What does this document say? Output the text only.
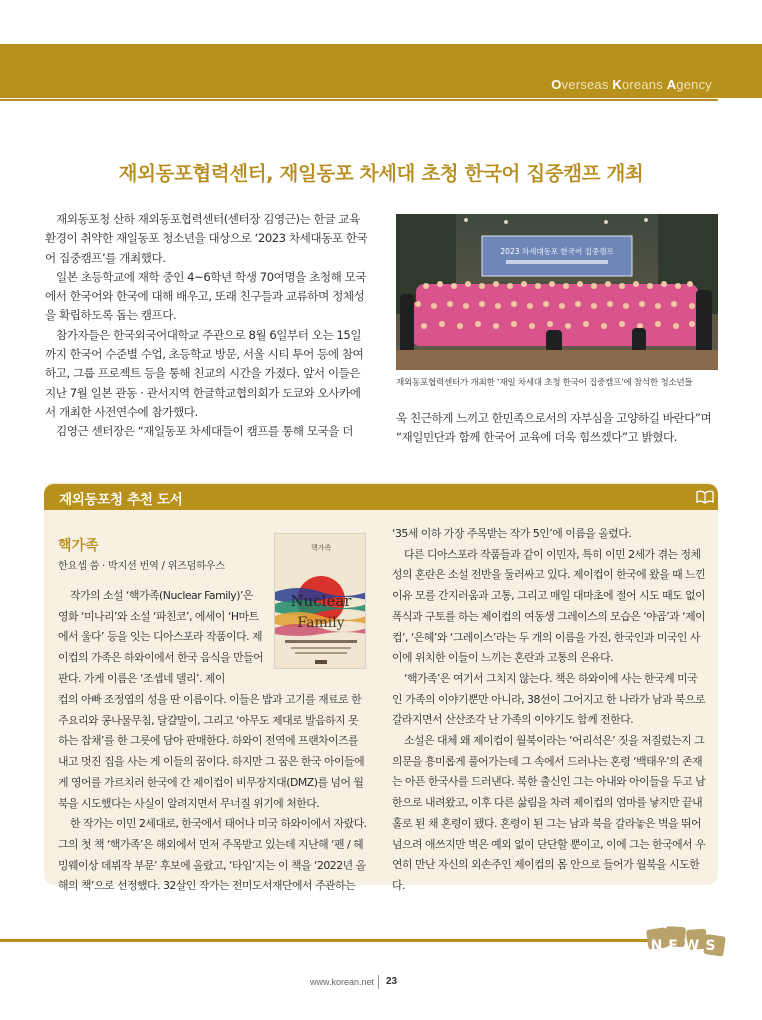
Overseas Koreans Agency
재외동포협력센터, 재일동포 차세대 초청 한국어 집중캠프 개최

재외동포청 산하 재외동포협력센터(센터장 김영근)는 한글 교육 환경이 취약한 재일동포 청소년을 대상으로 ‘2023 차세대동포 한국어 집중캠프’를 개최했다.

일본 초등학교에 재학 중인 4~6학년 학생 70여명을 초청해 모국에서 한국어와 한국에 대해 배우고, 또래 친구들과 교류하며 정체성을 확립하도록 돕는 캠프다.

참가자들은 한국외국어대학교 주관으로 8월 6일부터 오는 15일까지 한국어 수준별 수업, 초등학교 방문, 서울 시티 투어 등에 참여하고, 그룹 프로젝트 등을 통해 친교의 시간을 가졌다. 앞서 이들은 지난 7월 일본 관동 · 관서지역 한글학교협의회가 도쿄와 오사카에서 개최한 사전연수에 참가했다.

김영근 센터장은 “재일동포 차세대들이 캠프를 통해 모국을 더

2023 차세대동포 한국어 집중캠프
재외동포협력센터가 개최한 ‘재일 차세대 초청 한국어 집중캠프’에 참석한 청소년들

욱 친근하게 느끼고 한민족으로서의 자부심을 고양하길 바란다”며 “재일민단과 함께 한국어 교육에 더욱 힘쓰겠다”고 밝혔다.

재외동포청 추천 도서
핵가족
한요셉 씀 · 박지선 번역 / 위즈덤하우스
핵가족
Nuclear
Family

작가의 소설 ‘핵가족(Nuclear Family)’은 영화 ‘미나리’와 소설 ‘파친코’, 에세이 ‘H마트에서 울다’ 등을 잇는 디아스포라 작품이다. 제이컵의 가족은 하와이에서 한국 음식을 만들어 판다. 가게 이름은 ‘조셉네 델리’. 제이

컵의 아빠 조정엽의 성을 딴 이름이다. 이들은 밥과 고기를 재료로 한 주요리와 콩나물무침, 달걀말이, 그리고 ‘아무도 제대로 발음하지 못하는 잡채’를 한 그릇에 담아 판매한다. 하와이 전역에 프랜차이즈를 내고 멋진 집을 사는 게 이들의 꿈이다. 하지만 그 꿈은 한국 아이들에게 영어를 가르치러 한국에 간 제이컵이 비무장지대(DMZ)를 넘어 월북을 시도했다는 사실이 알려지면서 무너질 위기에 처한다.

한 작가는 이민 2세대로, 한국에서 태어나 미국 하와이에서 자랐다. 그의 첫 책 ‘핵가족’은 해외에서 먼저 주목받고 있는데 지난해 ‘펜 / 헤밍웨이상 데뷔작 부문’ 후보에 올랐고, ‘타임’지는 이 책을 ‘2022년 올해의 책’으로 선정했다. 32살인 작가는 전미도서재단에서 주관하는

‘35세 이하 가장 주목받는 작가 5인’에 이름을 올렸다.

다른 디아스포라 작품들과 같이 이민자, 특히 이민 2세가 겪는 정체성의 혼란은 소설 전반을 둘러싸고 있다. 제이컵이 한국에 왔을 때 느낀 이유 모를 간지러움과 고통, 그리고 매일 대마초에 절어 시도 때도 없이 폭식과 구토를 하는 제이컵의 여동생 그레이스의 모습은 ‘야곱’과 ‘제이컵’, ‘은혜’와 ‘그레이스’라는 두 개의 이름을 가진, 한국인과 미국인 사이에 위치한 이들이 느끼는 혼란과 고통의 은유다.

‘핵가족’은 여기서 그치지 않는다. 책은 하와이에 사는 한국계 미국인 가족의 이야기뿐만 아니라, 38선이 그어지고 한 나라가 남과 북으로 갈라지면서 산산조각 난 가족의 이야기도 함께 전한다.

소설은 대체 왜 제이컵이 월북이라는 ‘어리석은’ 짓을 저질렀는지 그 의문을 흥미롭게 풀어가는데 그 속에서 드러나는 혼령 ‘백태우’의 존재는 아픈 한국사를 드러낸다. 북한 출신인 그는 아내와 아이들을 두고 남한으로 내려왔고, 이후 다른 삶림을 차려 제이컵의 엄마를 낳지만 끝내 홀로 된 채 혼령이 됐다. 혼령이 된 그는 남과 북을 갈라놓은 벽을 뛰어넘으려 애쓰지만 벽은 예외 없이 단단할 뿐이고, 이에 그는 한국에서 우연히 만난 자신의 외손주인 제이컵의 몸 안으로 들어가 월북을 시도한다.

NEWS
www.korean.net 23
